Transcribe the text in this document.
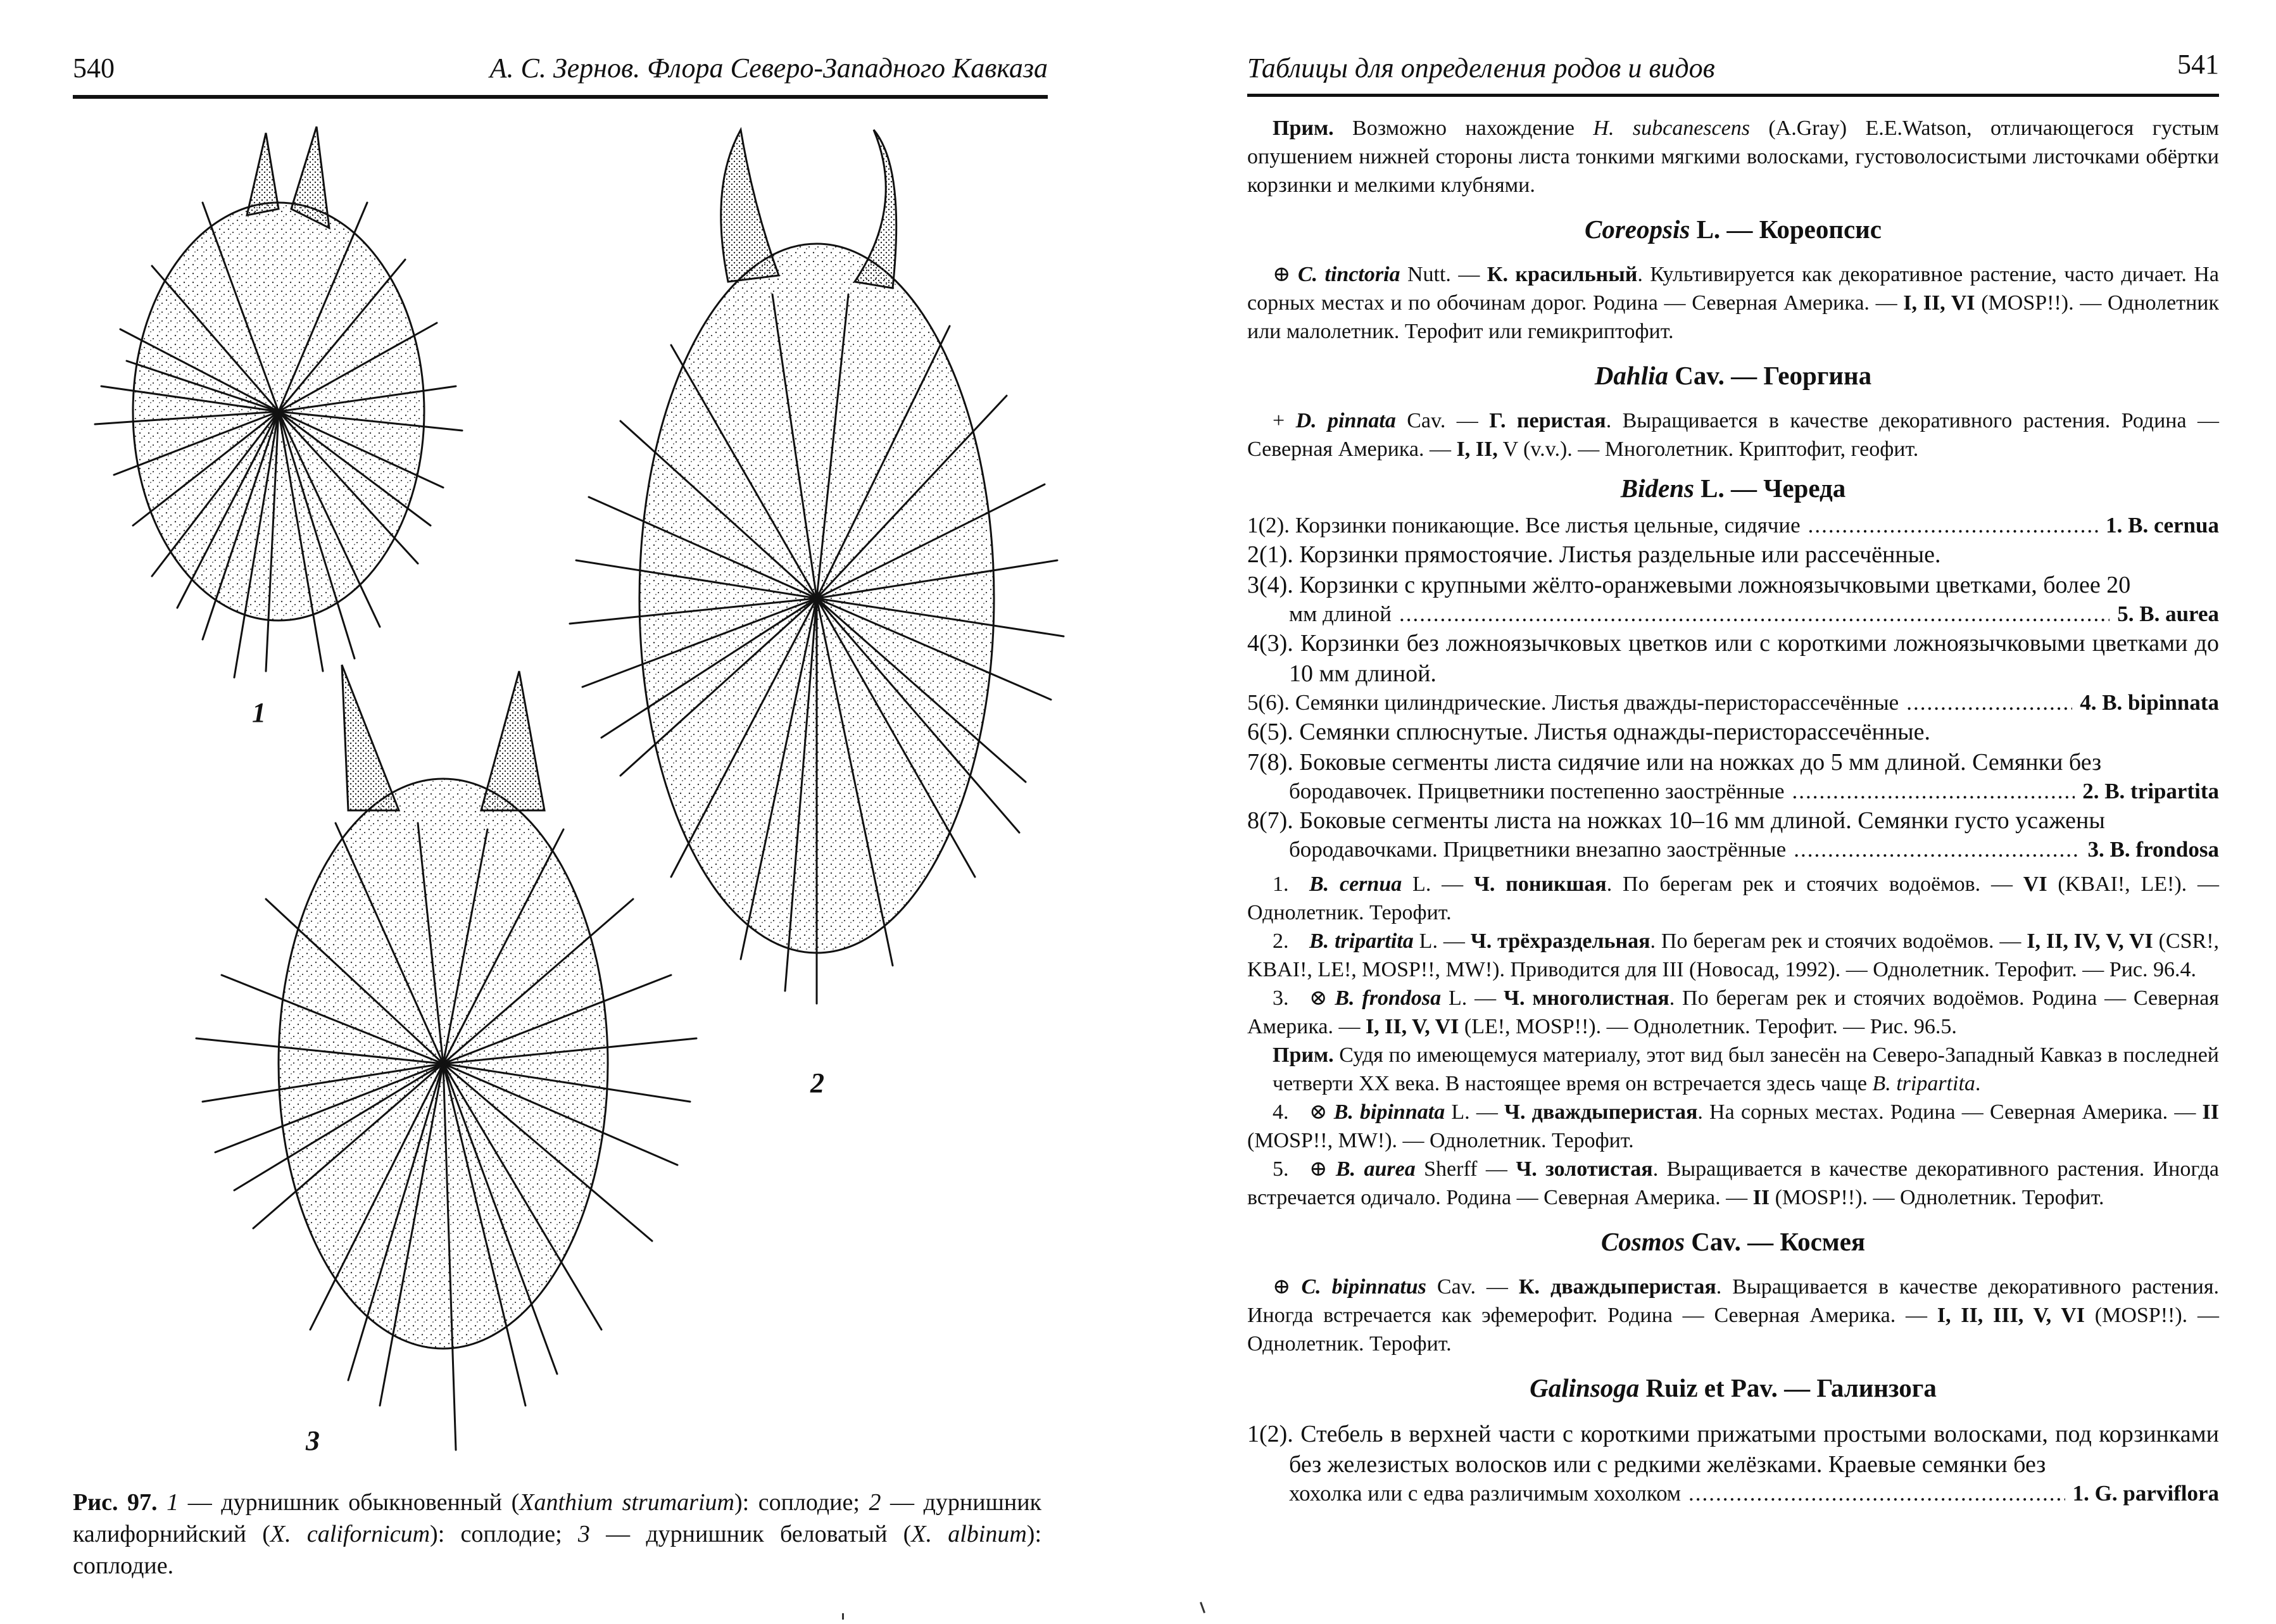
540	А. С. Зернов. Флора Северо-Западного Кавказа
1
2
3
Рис. 97. 1 — дурнишник обыкновенный (Xanthium strumarium): соплодие; 2 — дурнишник калифорнийский (X. californicum): соплодие; 3 — дурнишник беловатый (X. albinum): соплодие.
Таблицы для определения родов и видов	541

Прим. Возможно нахождение H. subcanescens (A.Gray) E.E.Watson, отличающегося густым опушением нижней стороны листа тонкими мягкими волосками, густоволосистыми листочками обёртки корзинки и мелкими клубнями.

Coreopsis L. — Кореопсис

⊕ C. tinctoria Nutt. — К. красильный. Культивируется как декоративное растение, часто дичает. На сорных местах и по обочинам дорог. Родина — Северная Америка. — I, II, VI (MOSP!!). — Однолетник или малолетник. Терофит или гемикриптофит.

Dahlia Cav. — Георгина

+ D. pinnata Cav. — Г. перистая. Выращивается в качестве декоративного растения. Родина — Северная Америка. — I, II, V (v.v.). — Многолетник. Криптофит, геофит.

Bidens L. — Череда
1(2). Корзинки поникающие. Все листья цельные, сидячие .....	1. B. cernua

2(1). Корзинки прямостоячие. Листья раздельные или рассечённые.

3(4). Корзинки с крупными жёлто-оранжевыми ложноязычковыми цветками, более 20

мм длиной .....	5. B. aurea

4(3). Корзинки без ложноязычковых цветков или с короткими ложноязычковыми цветками до 10 мм длиной.

5(6). Семянки цилиндрические. Листья дважды-перисторассечённые .....	4. B. bipinnata

6(5). Семянки сплюснутые. Листья однажды-перисторассечённые.

7(8). Боковые сегменты листа сидячие или на ножках до 5 мм длиной. Семянки без

бородавочек. Прицветники постепенно заострённые .....	2. B. tripartita

8(7). Боковые сегменты листа на ножках 10–16 мм длиной. Семянки густо усажены

бородавочками. Прицветники внезапно заострённые .....	3. B. frondosa

1. B. cernua L. — Ч. поникшая. По берегам рек и стоячих водоёмов. — VI (KBAI!, LE!). — Однолетник. Терофит.

2. B. tripartita L. — Ч. трёхраздельная. По берегам рек и стоячих водоёмов. — I, II, IV, V, VI (CSR!, KBAI!, LE!, MOSP!!, MW!). Приводится для III (Новосад, 1992). — Однолетник. Терофит. — Рис. 96.4.

3. ⊗ B. frondosa L. — Ч. многолистная. По берегам рек и стоячих водоёмов. Родина — Северная Америка. — I, II, V, VI (LE!, MOSP!!). — Однолетник. Терофит. — Рис. 96.5.

Прим. Судя по имеющемуся материалу, этот вид был занесён на Северо-Западный Кавказ в последней четверти XX века. В настоящее время он встречается здесь чаще B. tripartita.

4. ⊗ B. bipinnata L. — Ч. дваждыперистая. На сорных местах. Родина — Северная Америка. — II (MOSP!!, MW!). — Однолетник. Терофит.

5. ⊕ B. aurea Sherff — Ч. золотистая. Выращивается в качестве декоративного растения. Иногда встречается одичало. Родина — Северная Америка. — II (MOSP!!). — Однолетник. Терофит.

Cosmos Cav. — Космея

⊕ C. bipinnatus Cav. — К. дваждыперистая. Выращивается в качестве декоративного растения. Иногда встречается как эфемерофит. Родина — Северная Америка. — I, II, III, V, VI (MOSP!!). — Однолетник. Терофит.

Galinsoga Ruiz et Pav. — Галинзога

1(2). Стебель в верхней части с короткими прижатыми простыми волосками, под корзинками без железистых волосков или с редкими желёзками. Краевые семянки без

хохолка или с едва различимым хохолком .....	1. G. parviflora
